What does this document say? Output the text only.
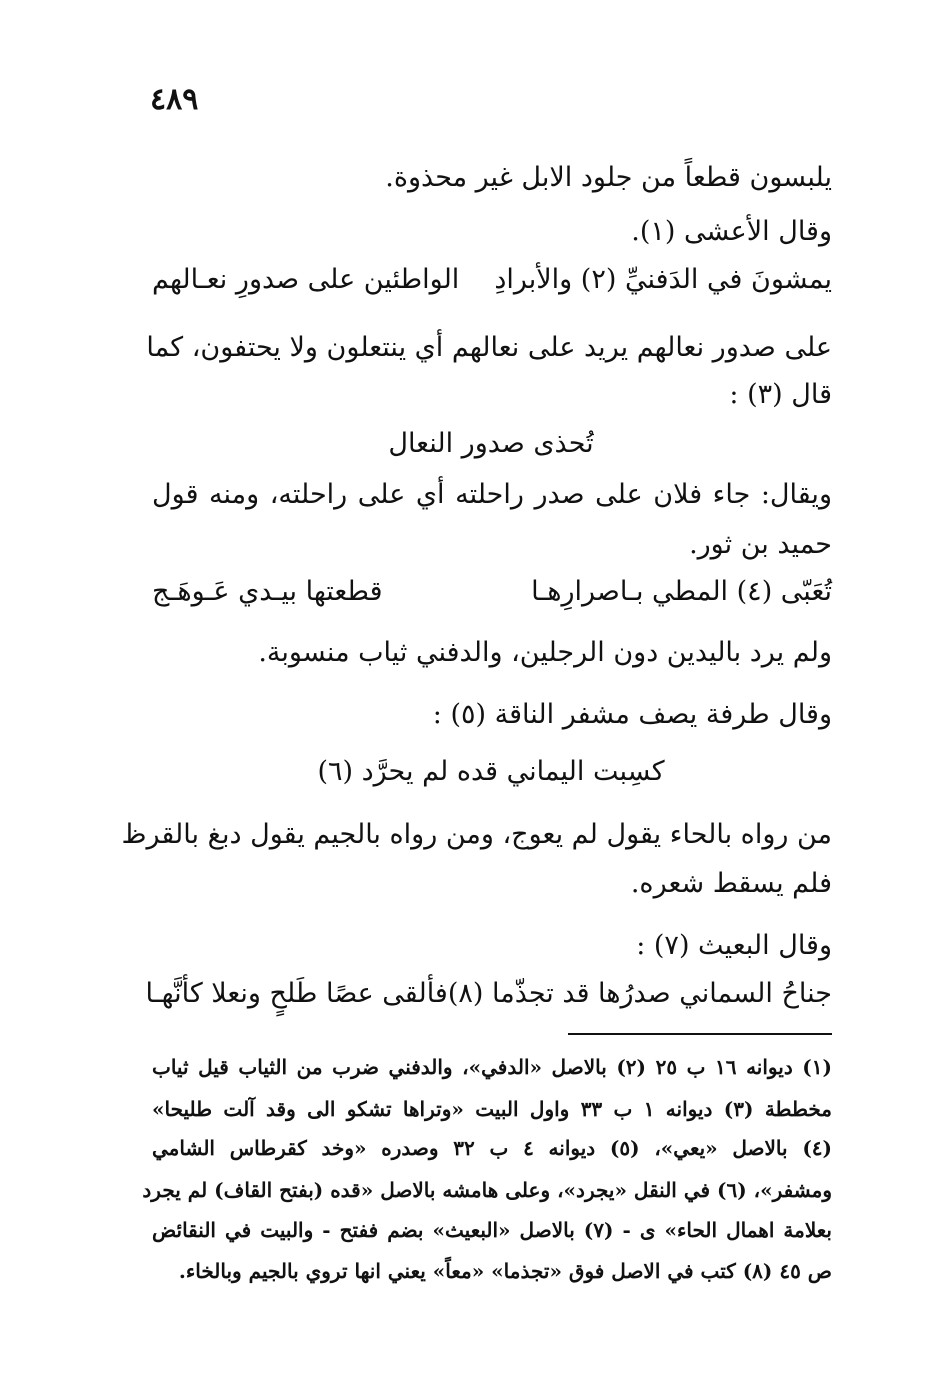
٤٨٩
يلبسون قطعاً من جلود الابل غير محذوة.
وقال الأعشى (١).
يمشونَ في الدَفنيِّ (٢) والأبرادِ
الواطئين على صدورِ نعـالهم
على صدور نعالهم يريد على نعالهم أي ينتعلون ولا يحتفون، كما
قال (٣) :
تُحذى صدور النعال
ويقال: جاء فلان على صدر راحلته أي على راحلته، ومنه قول
حميد بن ثور.
تُعَبّى (٤) المطي بـاصرارِهـا
قطعتها بيـدي عَـوهَـج
ولم يرد باليدين دون الرجلين، والدفني ثياب منسوبة.
وقال طرفة يصف مشفر الناقة (٥) :
كسِبت اليماني قده لم يحرَّد (٦)
من رواه بالحاء يقول لم يعوج، ومن رواه بالجيم يقول دبغ بالقرظ
فلم يسقط شعره.
وقال البعيث (٧) :
جناحُ السماني صدرُها قد تجذّما (٨)
فألقى عصًا طَلحٍ ونعلا كأنَّهـا
(١) ديوانه ١٦ ب ٢٥ (٢) بالاصل «الدفي»، والدفني ضرب من الثياب قيل ثياب
مخططة (٣) ديوانه ١ ب ٣٣ واول البيت «وتراها تشكو الى وقد آلت طليحا»
(٤) بالاصل «يعي»، (٥) ديوانه ٤ ب ٣٢ وصدره «وخد كقرطاس الشامي
ومشفر»، (٦) في النقل «يجرد»، وعلى هامشه بالاصل «قده (بفتح القاف) لم يجرد
بعلامة اهمال الحاء» ى - (٧) بالاصل «البعيث» بضم ففتح - والبيت في النقائض
ص ٤٥ (٨) كتب في الاصل فوق «تجذما» «معاً» يعني انها تروي بالجيم وبالخاء.
